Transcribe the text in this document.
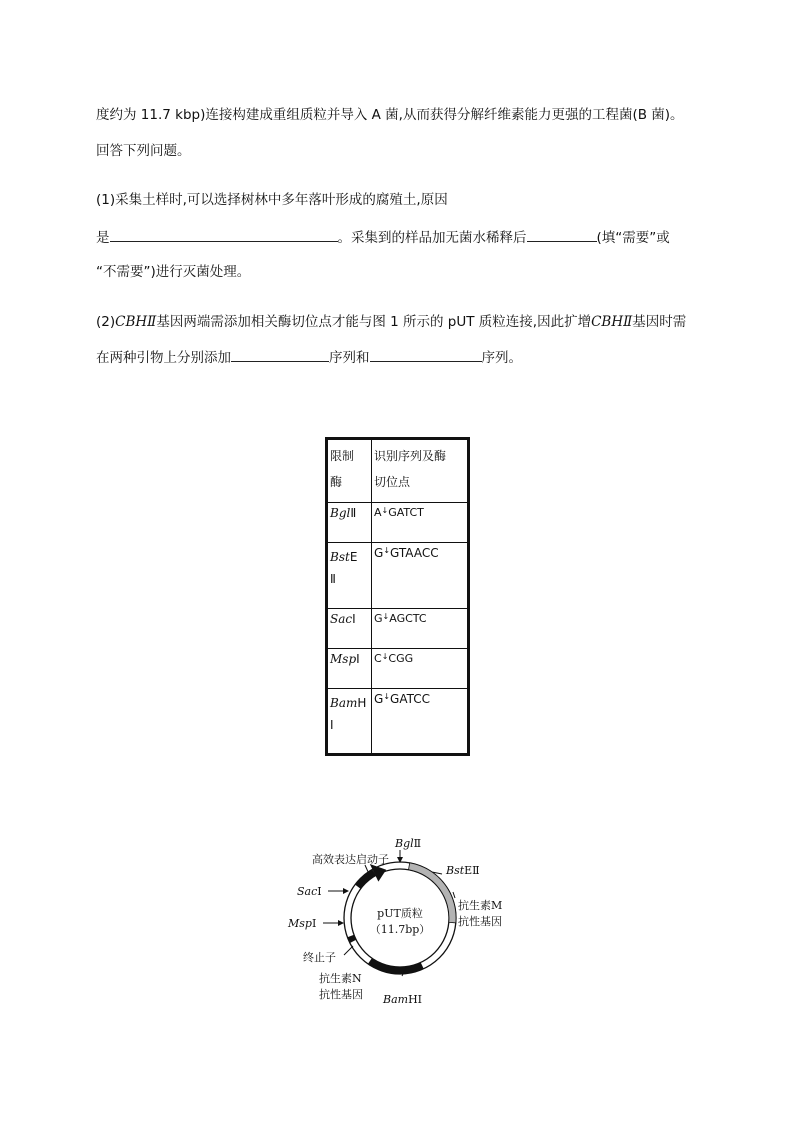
度约为 11.7 kbp)连接构建成重组质粒并导入 A 菌,从而获得分解纤维素能力更强的工程菌(B 菌)。
回答下列问题。
(1)采集土样时,可以选择树林中多年落叶形成的腐殖土,原因
是	。采集到的样品加无菌水稀释后	(填“需要”或
“不需要”)进行灭菌处理。
(2)CBHⅡ基因两端需添加相关酶切位点才能与图 1 所示的 pUT 质粒连接,因此扩增CBHⅡ基因时需
在两种引物上分别添加	序列和	序列。
限制
酶	识别序列及酶
切位点
BglⅡ	A↓GATCT
BstE
Ⅱ	G↓GTAACC
SacⅠ	G↓AGCTC
MspⅠ	C↓CGG
BamH
Ⅰ	G↓GATCC
pUT质粒
（11.7bp）
BglⅡ
高效表达启动子
BstEⅡ
SacⅠ
抗生素M
抗性基因
MspⅠ
终止子
抗生素N
抗性基因 BamHⅠ
